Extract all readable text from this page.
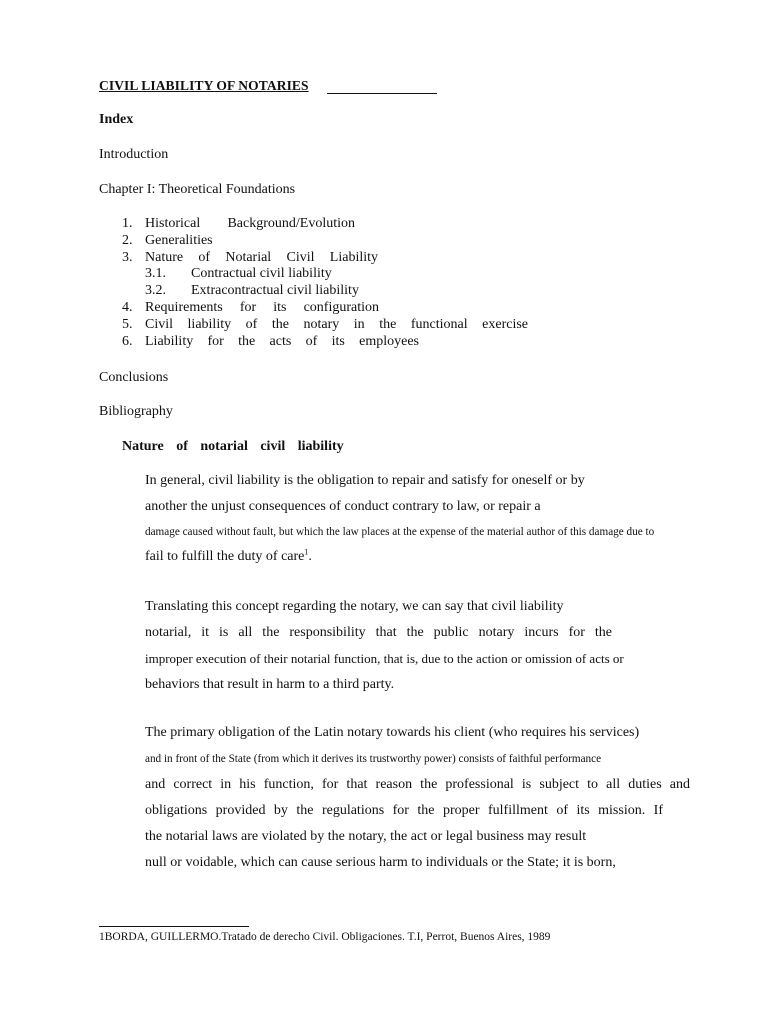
CIVIL LIABILITY OF NOTARIES
Index
Introduction
Chapter I: Theoretical Foundations
1. Historical Background/Evolution
2. Generalities
3. Nature of Notarial Civil Liability
3.1.	Contractual civil liability
3.2.	Extracontractual civil liability
4. Requirements for its configuration
5. Civil liability of the notary in the functional exercise
6. Liability for the acts of its employees
Conclusions
Bibliography
Nature of notarial civil liability
In general, civil liability is the obligation to repair and satisfy for oneself or by
another the unjust consequences of conduct contrary to law, or repair a
damage caused without fault, but which the law places at the expense of the material author of this damage due to
fail to fulfill the duty of care$^1$.
Translating this concept regarding the notary, we can say that civil liability
notarial, it is all the responsibility that the public notary incurs for the
improper execution of their notarial function, that is, due to the action or omission of acts or
behaviors that result in harm to a third party.
The primary obligation of the Latin notary towards his client (who requires his services)
and in front of the State (from which it derives its trustworthy power) consists of faithful performance
and correct in his function, for that reason the professional is subject to all duties and
obligations provided by the regulations for the proper fulfillment of its mission. If
the notarial laws are violated by the notary, the act or legal business may result
null or voidable, which can cause serious harm to individuals or the State; it is born,
1BORDA, GUILLERMO.Tratado de derecho Civil. Obligaciones. T.I, Perrot, Buenos Aires, 1989
